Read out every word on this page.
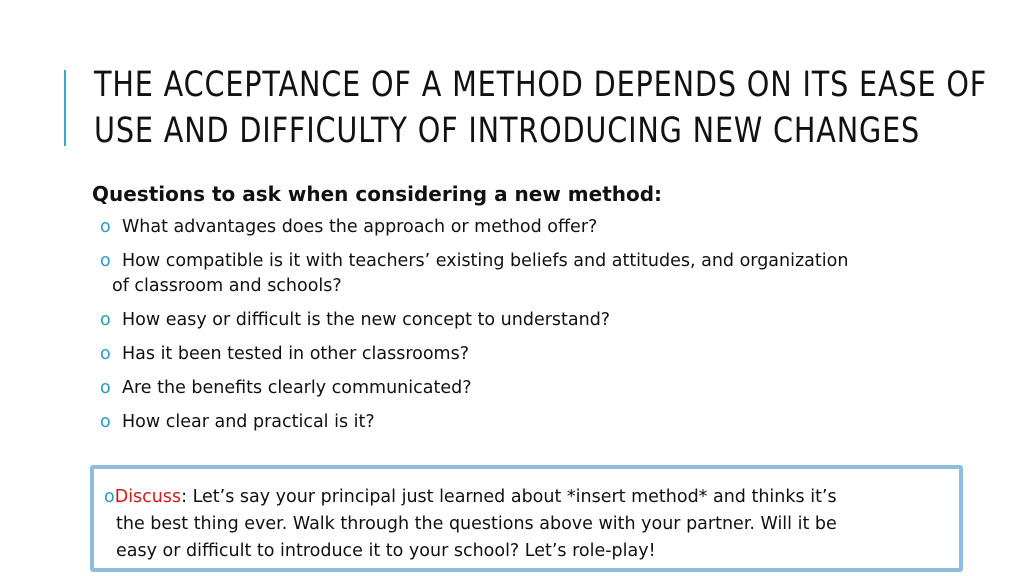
THE ACCEPTANCE OF A METHOD DEPENDS ON ITS EASE OF
USE AND DIFFICULTY OF INTRODUCING NEW CHANGES
Questions to ask when considering a new method:
o What advantages does the approach or method offer?
o How compatible is it with teachers’ existing beliefs and attitudes, and organization of classroom and schools?
o How easy or difficult is the new concept to understand?
o Has it been tested in other classrooms?
o Are the benefits clearly communicated?
o How clear and practical is it?

oDiscuss: Let’s say your principal just learned about *insert method* and thinks it’s
the best thing ever. Walk through the questions above with your partner. Will it be
easy or difficult to introduce it to your school? Let’s role-play!
